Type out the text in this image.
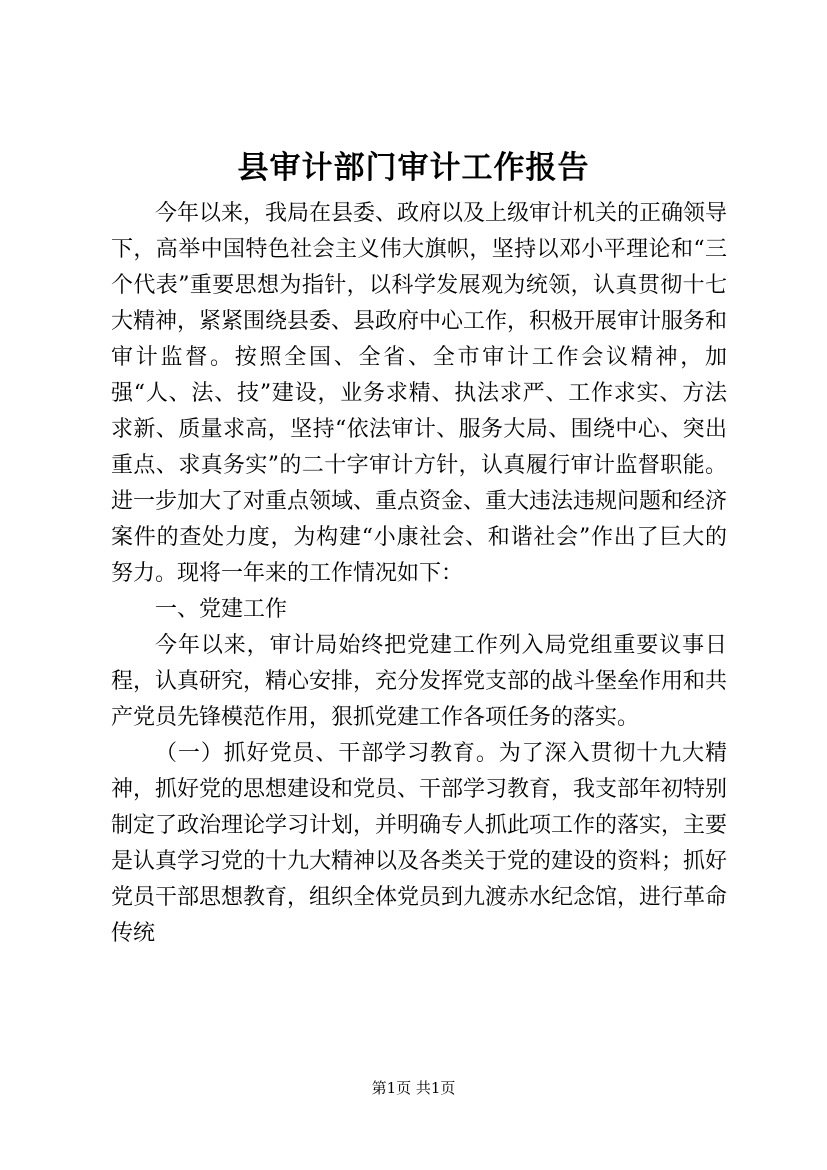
县审计部门审计工作报告

今年以来，我局在县委、政府以及上级审计机关的正确领导下，高举中国特色社会主义伟大旗帜，坚持以邓小平理论和“三个代表”重要思想为指针，以科学发展观为统领，认真贯彻十七大精神，紧紧围绕县委、县政府中心工作，积极开展审计服务和审计监督。按照全国、全省、全市审计工作会议精神，加强“人、法、技”建设，业务求精、执法求严、工作求实、方法求新、质量求高，坚持“依法审计、服务大局、围绕中心、突出重点、求真务实”的二十字审计方针，认真履行审计监督职能。进一步加大了对重点领域、重点资金、重大违法违规问题和经济案件的查处力度，为构建“小康社会、和谐社会”作出了巨大的努力。现将一年来的工作情况如下：

一、党建工作

今年以来，审计局始终把党建工作列入局党组重要议事日程，认真研究，精心安排，充分发挥党支部的战斗堡垒作用和共产党员先锋模范作用，狠抓党建工作各项任务的落实。

（一）抓好党员、干部学习教育。为了深入贯彻十九大精神，抓好党的思想建设和党员、干部学习教育，我支部年初特别制定了政治理论学习计划，并明确专人抓此项工作的落实，主要是认真学习党的十九大精神以及各类关于党的建设的资料；抓好党员干部思想教育，组织全体党员到九渡赤水纪念馆，进行革命传统

第1页 共1页
